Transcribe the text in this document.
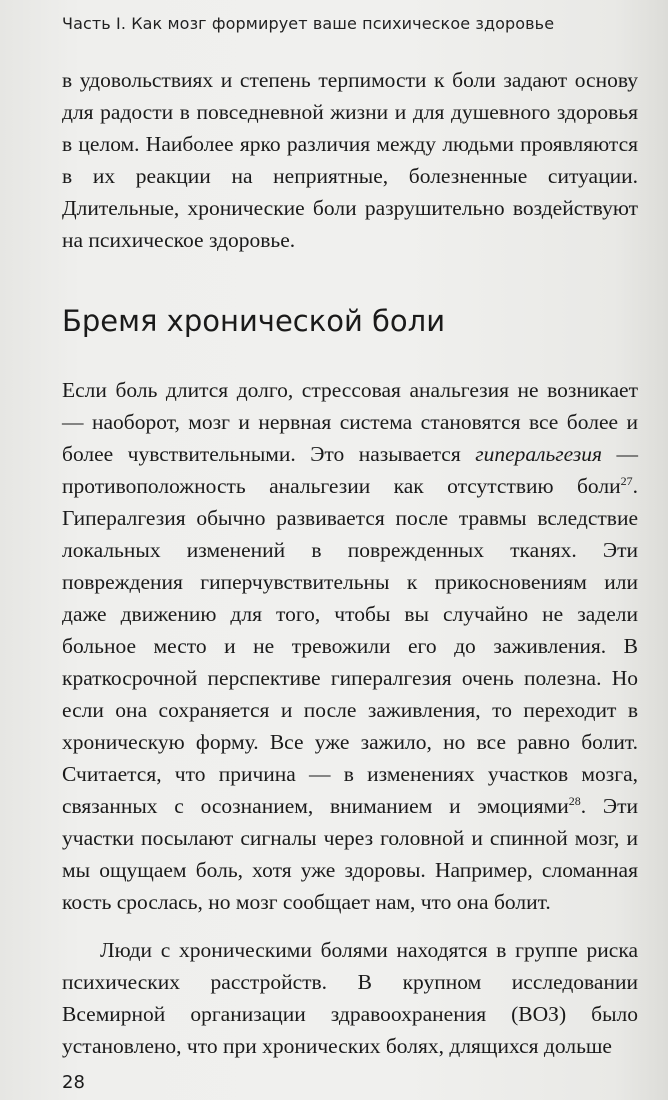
Часть I. Как мозг формирует ваше психическое здоровье

в удовольствиях и степень терпимости к боли задают основу для радости в повседневной жизни и для душевного здоровья в целом. Наиболее ярко различия между людьми проявляются в их реакции на неприятные, болезненные ситуации. Длительные, хронические боли разрушительно воздействуют на психическое здоровье.

Бремя хронической боли

Если боль длится долго, стрессовая анальгезия не возникает — наоборот, мозг и нервная система становятся все более и более чувствительными. Это называется гиперальгезия — противоположность анальгезии как отсутствию боли$^{27}$. Гипералгезия обычно развивается после травмы вследствие локальных изменений в поврежденных тканях. Эти повреждения гиперчувствительны к прикосновениям или даже движению для того, чтобы вы случайно не задели больное место и не тревожили его до заживления. В краткосрочной перспективе гипералгезия очень полезна. Но если она сохраняется и после заживления, то переходит в хроническую форму. Все уже зажило, но все равно болит. Считается, что причина — в изменениях участков мозга, связанных с осознанием, вниманием и эмоциями$^{28}$. Эти участки посылают сигналы через головной и спинной мозг, и мы ощущаем боль, хотя уже здоровы. Например, сломанная кость срослась, но мозг сообщает нам, что она болит.

Люди с хроническими болями находятся в группе риска психических расстройств. В крупном исследовании Всемирной организации здравоохранения (ВОЗ) было установлено, что при хронических болях, длящихся дольше

28
